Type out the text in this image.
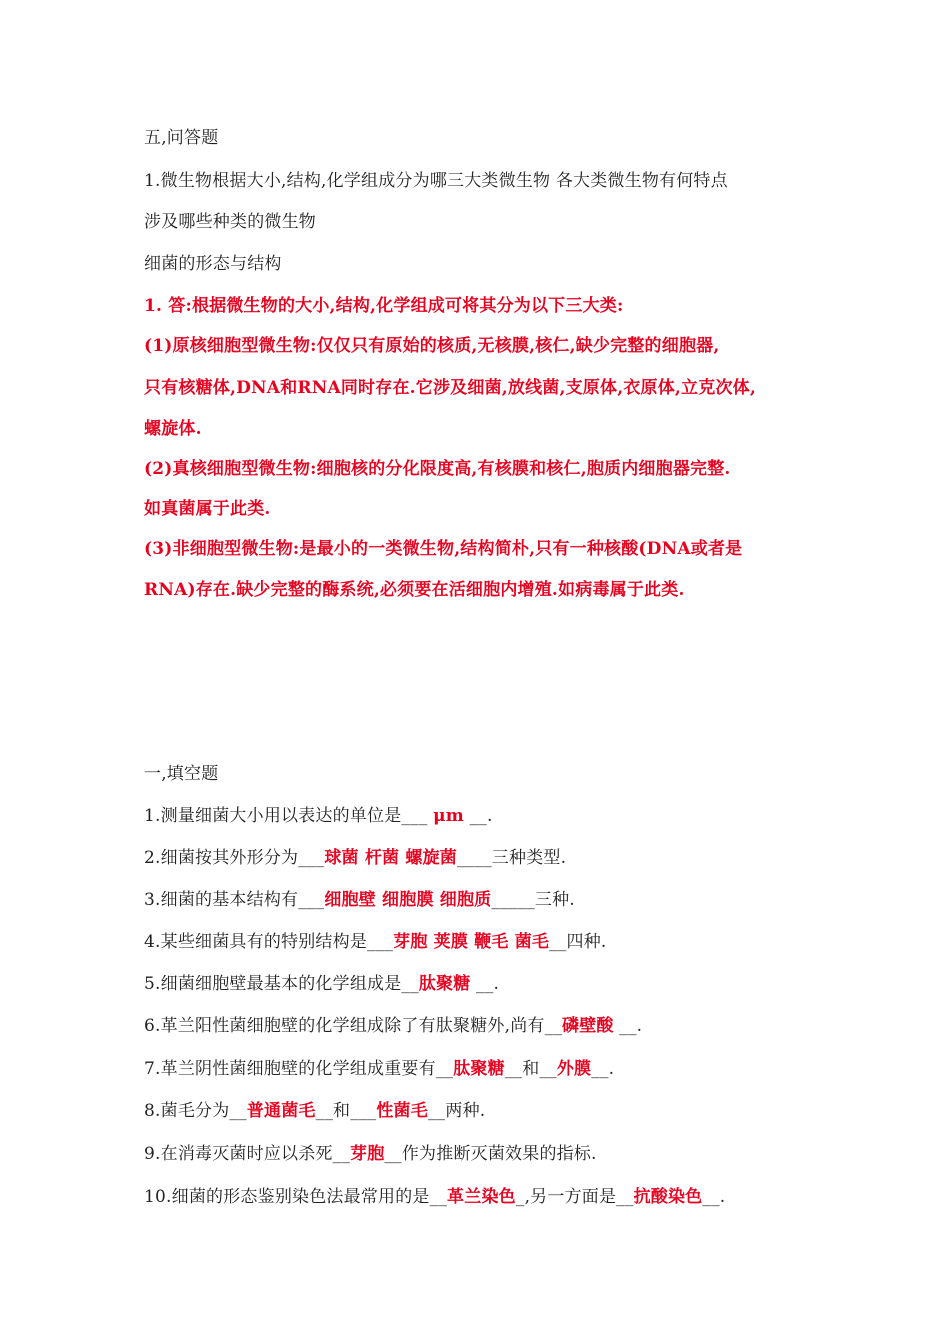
五,问答题
1.微生物根据大小,结构,化学组成分为哪三大类微生物 各大类微生物有何特点
涉及哪些种类的微生物
细菌的形态与结构
1. 答:根据微生物的大小,结构,化学组成可将其分为以下三大类:
(1)原核细胞型微生物:仅仅只有原始的核质,无核膜,核仁,缺少完整的细胞器,
只有核糖体,DNA和RNA同时存在.它涉及细菌,放线菌,支原体,衣原体,立克次体,
螺旋体.
(2)真核细胞型微生物:细胞核的分化限度高,有核膜和核仁,胞质内细胞器完整.
如真菌属于此类.
(3)非细胞型微生物:是最小的一类微生物,结构简朴,只有一种核酸(DNA或者是
RNA)存在.缺少完整的酶系统,必须要在活细胞内增殖.如病毒属于此类.
一,填空题
1.测量细菌大小用以表达的单位是___ μm __.
2.细菌按其外形分为___球菌 杆菌 螺旋菌____三种类型.
3.细菌的基本结构有___细胞壁 细胞膜 细胞质_____三种.
4.某些细菌具有的特别结构是___芽胞 荚膜 鞭毛 菌毛__四种.
5.细菌细胞壁最基本的化学组成是__肽聚糖 __.
6.革兰阳性菌细胞壁的化学组成除了有肽聚糖外,尚有__磷壁酸 __.
7.革兰阴性菌细胞壁的化学组成重要有__肽聚糖__和__外膜__.
8.菌毛分为__普通菌毛__和___性菌毛__两种.
9.在消毒灭菌时应以杀死__芽胞__作为推断灭菌效果的指标.
10.细菌的形态鉴别染色法最常用的是__革兰染色_,另一方面是__抗酸染色__.
